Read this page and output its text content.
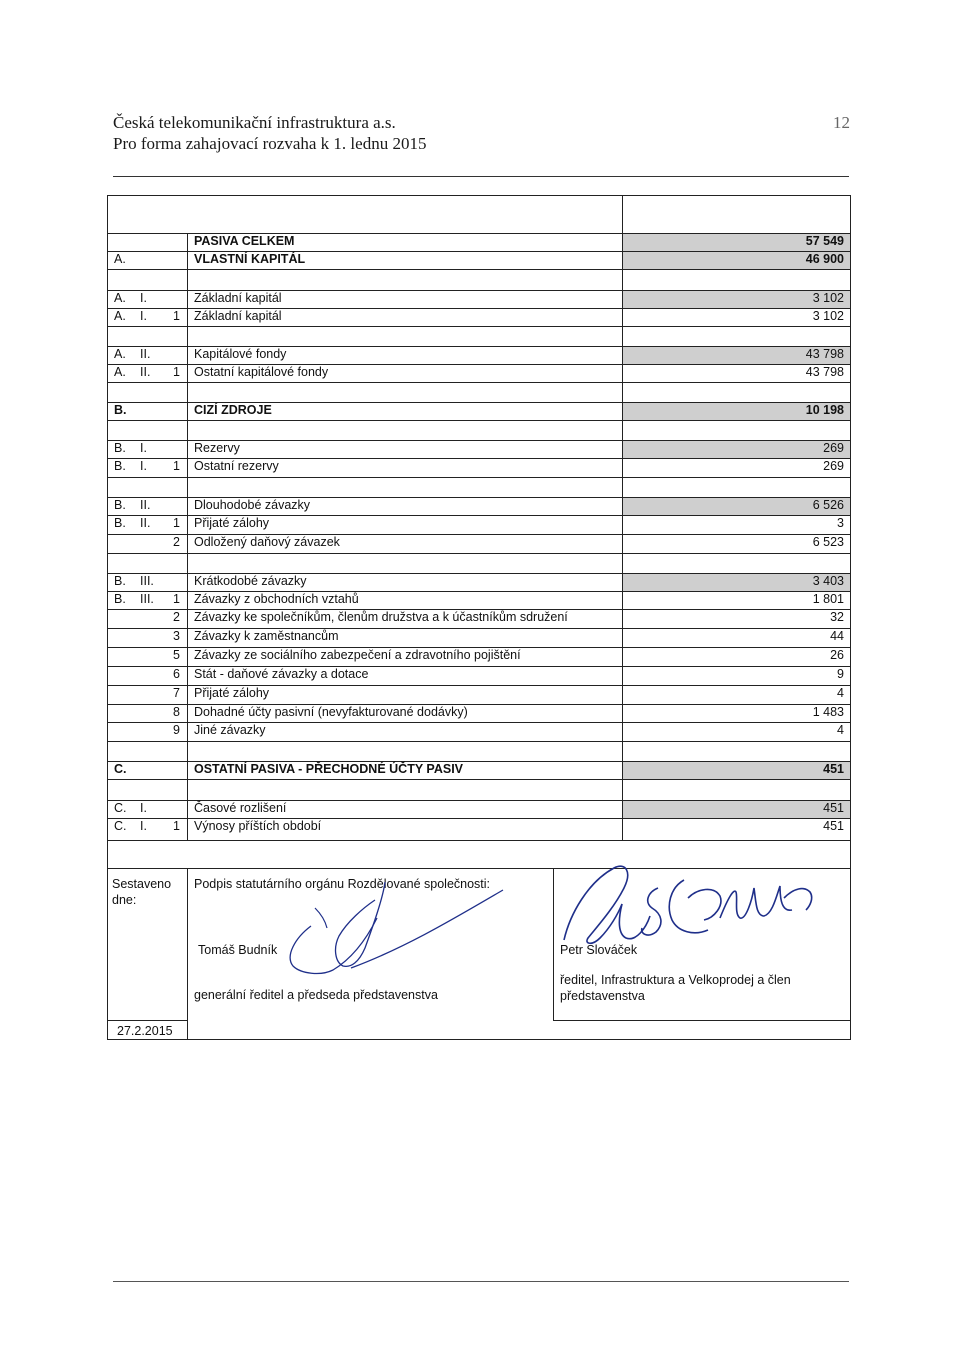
Česká telekomunikační infrastruktura a.s.
Pro forma zahajovací rozvaha k 1. lednu 2015
12
PASIVA CELKEM	57 549
A.	VLASTNÍ KAPITÁL	46 900
A. I.	Základní kapitál	3 102
A. I.	1 Základní kapitál	3 102
A. II.	Kapitálové fondy	43 798
A. II.	1 Ostatní kapitálové fondy	43 798
B.	CIZÍ ZDROJE	10 198
B. I.	Rezervy	269
B. I.	1 Ostatní rezervy	269
B. II.	Dlouhodobé závazky	6 526
B. II.	1 Přijaté zálohy	3
2 Odložený daňový závazek	6 523
B. III.	Krátkodobé závazky	3 403
B. III.	1 Závazky z obchodních vztahů	1 801
2 Závazky ke společníkům, členům družstva a k účastníkům sdružení	32
3 Závazky k zaměstnancům	44
5 Závazky ze sociálního zabezpečení a zdravotního pojištění	26
6 Stát - daňové závazky a dotace	9
7 Přijaté zálohy	4
8 Dohadné účty pasivní (nevyfakturované dodávky)	1 483
9 Jiné závazky	4
C.	OSTATNÍ PASIVA - PŘECHODNÉ ÚČTY PASIV	451
C. I.	Časové rozlišení	451
C. I.	1 Výnosy příštích období	451
Sestaveno dne:
27.2.2015
Podpis statutárního orgánu Rozdělované společnosti:
Tomáš Budník
generální ředitel a předseda představenstva
Petr Slováček
ředitel, Infrastruktura a Velkoprodej a člen představenstva
